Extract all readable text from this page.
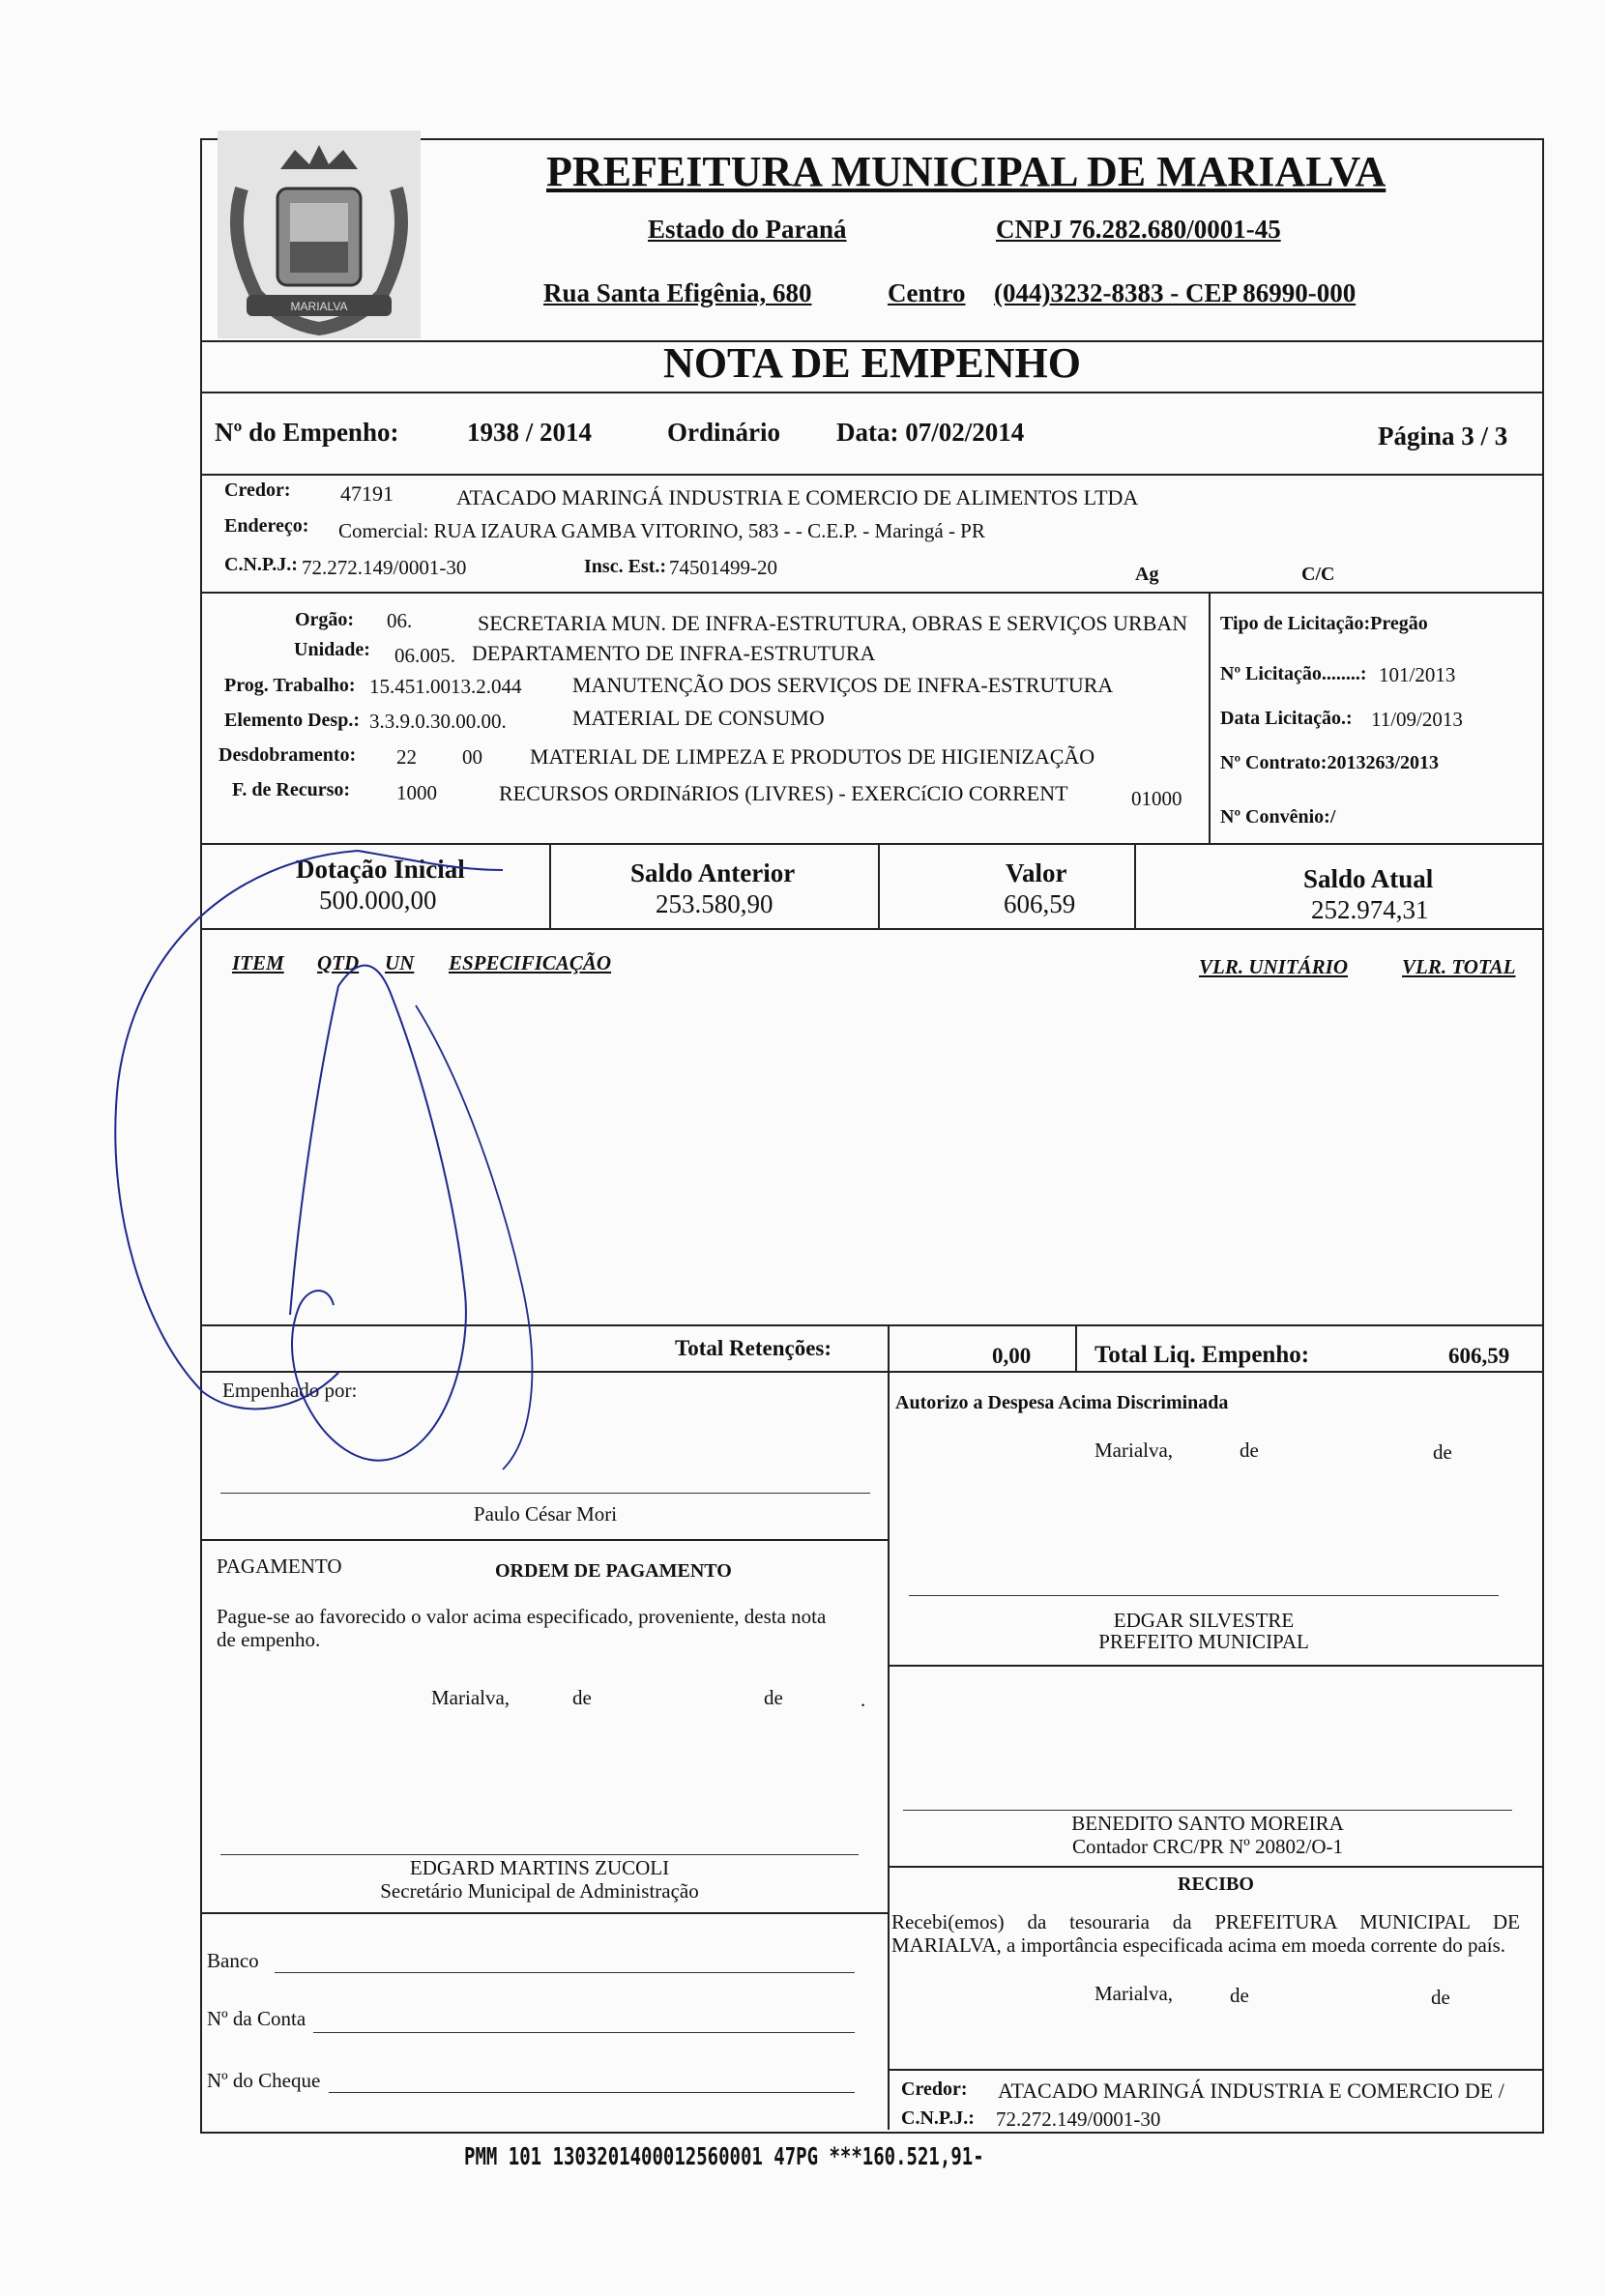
MARIALVA
PREFEITURA MUNICIPAL DE MARIALVA
Estado do Paraná	CNPJ 76.282.680/0001-45
Rua Santa Efigênia, 680	Centro (044)3232-8383 - CEP 86990-000
NOTA DE EMPENHO
Nº do Empenho:	1938 / 2014	Ordinário Data: 07/02/2014	Página 3 / 3
Credor: 47191	ATACADO MARINGÁ INDUSTRIA E COMERCIO DE ALIMENTOS LTDA
Endereço: Comercial: RUA IZAURA GAMBA VITORINO, 583 - - C.E.P. - Maringá - PR
C.N.P.J.: 72.272.149/0001-30	Insc. Est.: 74501499-20	Ag	C/C
Orgão: 06.	SECRETARIA MUN. DE INFRA-ESTRUTURA, OBRAS E SERVIÇOS URBAN
Unidade: 06.005. DEPARTAMENTO DE INFRA-ESTRUTURA
Prog. Trabalho: 15.451.0013.2.044 MANUTENÇÃO DOS SERVIÇOS DE INFRA-ESTRUTURA
Elemento Desp.: 3.3.9.0.30.00.00.	MATERIAL DE CONSUMO
Desdobramento: 22 00 MATERIAL DE LIMPEZA E PRODUTOS DE HIGIENIZAÇÃO
F. de Recurso: 1000	RECURSOS ORDINáRIOS (LIVRES) - EXERCíCIO CORRENT	01000
Tipo de Licitação:Pregão
Nº Licitação........: 101/2013
Data Licitação.: 11/09/2013
Nº Contrato:2013263/2013
Nº Convênio:/
Dotação Inicial
500.000,00
Saldo Anterior
253.580,90
Valor
606,59
Saldo Atual
252.974,31
ITEM QTD UN ESPECIFICAÇÃO	VLR. UNITÁRIO	VLR. TOTAL
Total Retenções:	0,00	Total Liq. Empenho:	606,59
Empenhado por:
Paulo César Mori
Autorizo a Despesa Acima Discriminada
Marialva,	de	de
PAGAMENTO	ORDEM DE PAGAMENTO
Pague-se ao favorecido o valor acima especificado, proveniente, desta nota de empenho.
Marialva,	de	de	.
EDGAR SILVESTRE
PREFEITO MUNICIPAL
BENEDITO SANTO MOREIRA
Contador CRC/PR Nº 20802/O-1
EDGARD MARTINS ZUCOLI
Secretário Municipal de Administração
Banco
Nº da Conta
Nº do Cheque
RECIBO
Recebi(emos) da tesouraria da PREFEITURA MUNICIPAL DE MARIALVA, a importância especificada acima em moeda corrente do país.
Marialva,	de	de
Credor: ATACADO MARINGÁ INDUSTRIA E COMERCIO DE /
C.N.P.J.: 72.272.149/0001-30
PMM 101 1303201400012560001 47PG ***160.521,91-
